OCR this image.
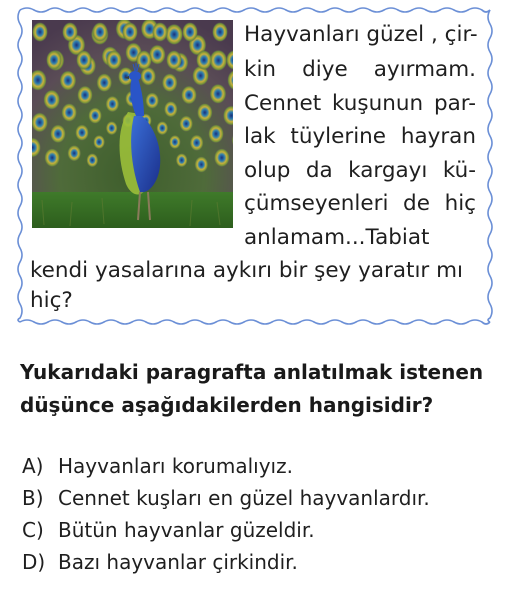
Hayvanları güzel , çir-
kin diye ayırmam.
Cennet kuşunun par-
lak tüylerine hayran
olup da kargayı kü-
çümseyenleri de hiç
anlamam...Tabiat
kendi yasalarına aykırı bir şey yaratır mı
hiç?
Yukarıdaki paragrafta anlatılmak istenen
düşünce aşağıdakilerden hangisidir?
A) Hayvanları korumalıyız.
B) Cennet kuşları en güzel hayvanlardır.
C) Bütün hayvanlar güzeldir.
D) Bazı hayvanlar çirkindir.
